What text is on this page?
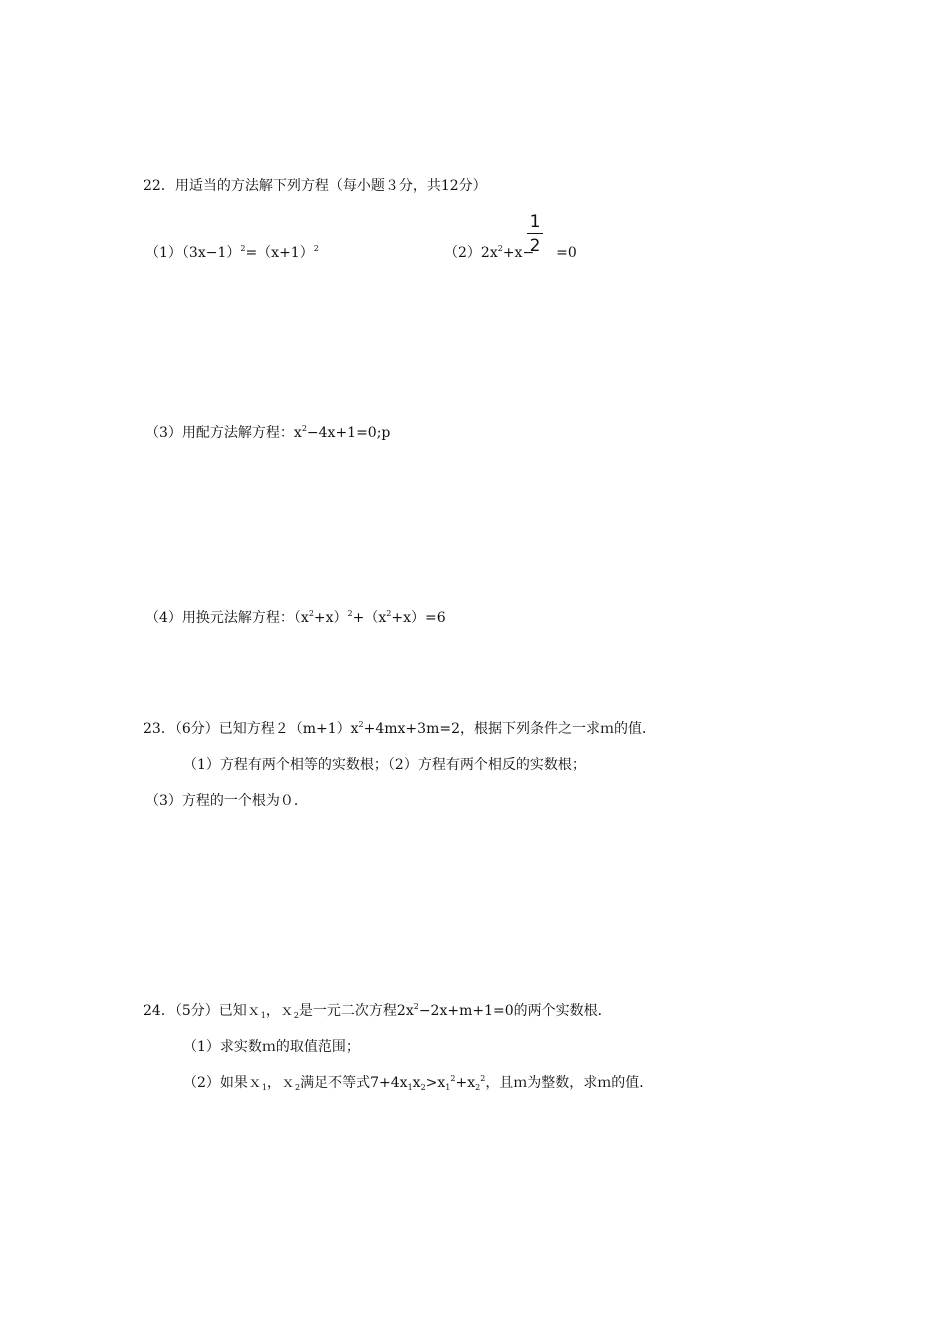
22．用适当的方法解下列方程（每小题３分，共12分）
$(1)(3x-1)^2=(x+1)^2$	$(2)2x^2+x- =0$
1
2
（3）用配方法解方程：$x^2-4x+1=0;p$
（4）用换元法解方程：$(x^2+x)^2+(x^2+x)=6$
23．（6分）已知方程$2(m+1)x^2+4mx+3m=2$，根据下列条件之一求ｍ的值．
（1）方程有两个相等的实数根；（2）方程有两个相反的实数根；
（3）方程的一个根为０．
24．（5分）已知ｘ$_1$，ｘ$_2$是一元二次方程$2x^2-2x+m+1=0$的两个实数根．
（1）求实数ｍ的取值范围；
（2）如果ｘ$_1$，ｘ$_2$满足不等式$7+4x_1x_2>x_1^2+x_2^2$，且ｍ为整数，求ｍ的值．
